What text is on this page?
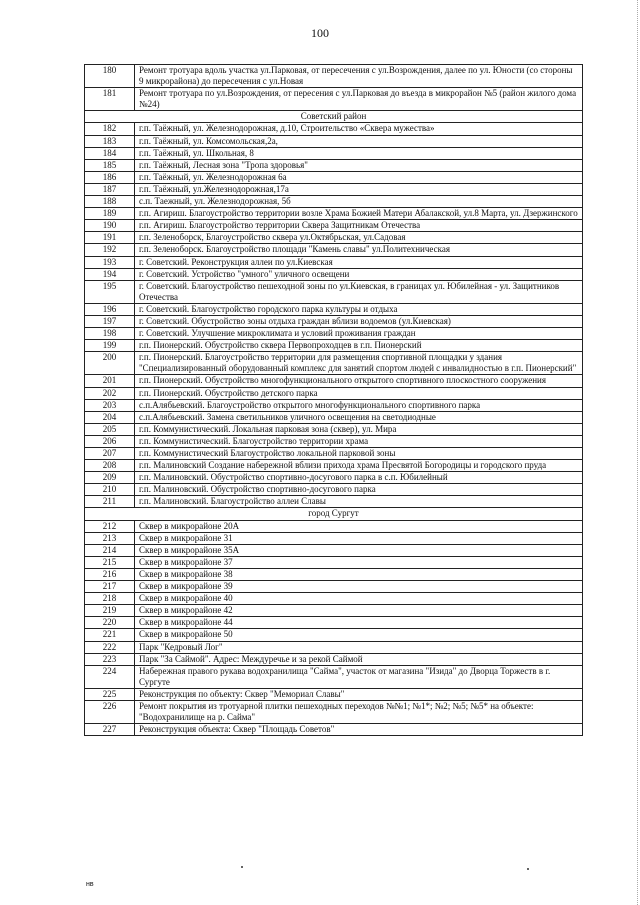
100
180	Ремонт тротуара вдоль участка ул.Парковая, от пересечения с ул.Возрождения, далее по ул. Юности (со стороны 9 микрорайона) до пересечения с ул.Новая
181	Ремонт тротуара по ул.Возрождения, от пересения с ул.Парковая до въезда в микрорайон №5 (район жилого дома №24)
Советский район	
182	г.п. Таёжный, ул. Железнодорожная, д.10, Строительство «Сквера мужества»
183	г.п. Таёжный, ул. Комсомольская,2а,
184	г.п. Таёжный, ул. Школьная, 8
185	г.п. Таёжный, Лесная зона "Тропа здоровья"
186	г.п. Таёжный, ул. Железнодорожная 6а
187	г.п. Таёжный, ул.Железнодорожная,17а
188	с.п. Таежный, ул. Железнодорожная, 5б
189	г.п. Агириш. Благоустройство территории возле Храма Божией Матери Абалакской, ул.8 Марта, ул. Дзержинского
190	г.п. Агириш. Благоустройство территории Сквера Защитникам Отечества
191	г.п. Зеленоборск, Благоустройство сквера ул.Октябрьская, ул.Садовая
192	г.п. Зеленоборск. Благоустройство площади "Камень славы" ул.Политехническая
193	г. Советский. Реконструкция аллеи по ул.Киевская
194	г. Советский. Устройство "умного" уличного освещени
195	г. Советский. Благоустройство пешеходной зоны по ул.Киевская, в границах ул. Юбилейная - ул. Защитников Отечества
196	г. Советский. Благоустройство городского парка культуры и отдыха
197	г. Советский. Обустройство зоны отдыха граждан вблизи водоемов (ул.Киевская)
198	г. Советский. Улучшение микроклимата и условий проживания граждан
199	г.п. Пионерский. Обустройство сквера Первопроходцев в г.п. Пионерский
200	г.п. Пионерский. Благоустройство территории для размещения спортивной площадки у здания "Специализированный оборудованный комплекс для занятий спортом людей с инвалидностью в г.п. Пионерский"
201	г.п. Пионерский. Обустройство многофункционального открытого спортивного плоскостного сооружения
202	г.п. Пионерский. Обустройство детского парка
203	с.п.Алябьевский. Благоустройство открытого многофункционального спортивного парка
204	с.п.Алябьевский. Замена светильников уличного освещения на светодиодные
205	г.п. Коммунистический. Локальная парковая зона (сквер), ул. Мира
206	г.п. Коммунистический. Благоустройство территории храма
207	г.п. Коммунистический Благоустройство локальной парковой зоны
208	г.п. Малиновский Создание набережной вблизи прихода храма Пресвятой Богородицы и городского пруда
209	г.п. Малиновский. Обустройство спортивно-досугового парка в с.п. Юбилейный
210	г.п. Малиновский. Обустройство спортивно-досугового парка
211	г.п. Малиновский. Благоустройство аллеи Славы
город Сургут	
212	Сквер в микрорайоне 20А
213	Сквер в микрорайоне 31
214	Сквер в микрорайоне 35А
215	Сквер в микрорайоне 37
216	Сквер в микрорайоне 38
217	Сквер в микрорайоне 39
218	Сквер в микрорайоне 40
219	Сквер в микрорайоне 42
220	Сквер в микрорайоне 44
221	Сквер в микрорайоне 50
222	Парк "Кедровый Лог"
223	Парк "За Саймой". Адрес: Междуречье и за рекой Саймой
224	Набережная правого рукава водохранилища "Сайма", участок от магазина "Изида" до Дворца Торжеств в г. Сургуте
225	Реконструкция по объекту: Сквер "Мемориал Славы"
226	Ремонт покрытия из тротуарной плитки пешеходных переходов №№1; №1*; №2; №5; №5* на объекте: "Водохранилище на р. Сайма"
227	Реконструкция объекта: Сквер "Площадь Советов"
нв
